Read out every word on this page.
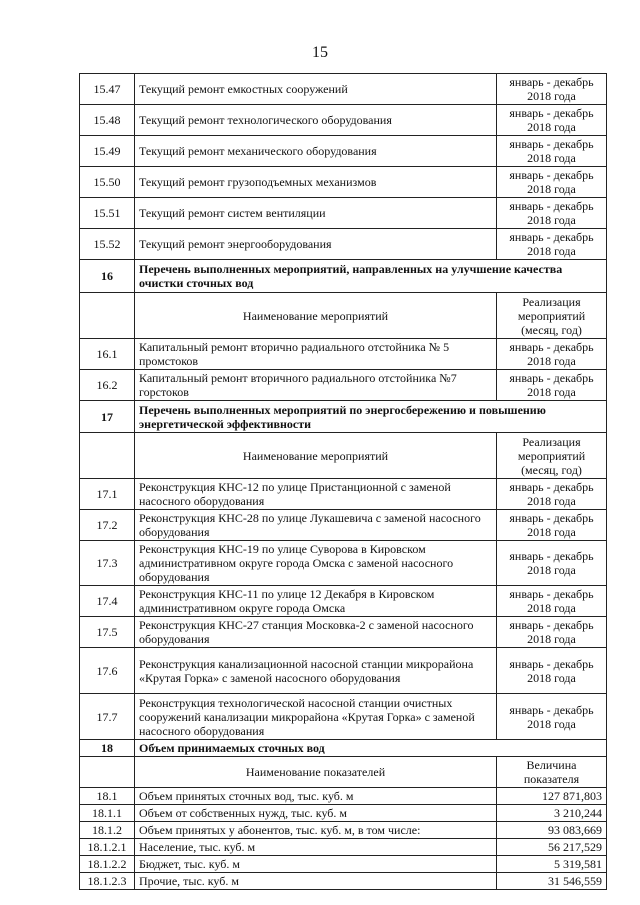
15
15.47	Текущий ремонт емкостных сооружений	январь - декабрь 2018 года
15.48	Текущий ремонт технологического оборудования	январь - декабрь 2018 года
15.49	Текущий ремонт механического оборудования	январь - декабрь 2018 года
15.50	Текущий ремонт грузоподъемных механизмов	январь - декабрь 2018 года
15.51	Текущий ремонт систем вентиляции	январь - декабрь 2018 года
15.52	Текущий ремонт энергооборудования	январь - декабрь 2018 года
16	Перечень выполненных мероприятий, направленных на улучшение качества очистки сточных вод	
	Наименование мероприятий	Реализация мероприятий (месяц, год)
16.1	Капитальный ремонт вторично радиального отстойника № 5 промстоков	январь - декабрь 2018 года
16.2	Капитальный ремонт вторичного радиального отстойника №7 горстоков	январь - декабрь 2018 года
17	Перечень выполненных мероприятий по энергосбережению и повышению энергетической эффективности	
	Наименование мероприятий	Реализация мероприятий (месяц, год)
17.1	Реконструкция КНС-12 по улице Пристанционной с заменой насосного оборудования	январь - декабрь 2018 года
17.2	Реконструкция КНС-28 по улице Лукашевича с заменой насосного оборудования	январь - декабрь 2018 года
17.3	Реконструкция КНС-19 по улице Суворова в Кировском административном округе города Омска с заменой насосного оборудования	январь - декабрь 2018 года
17.4	Реконструкция КНС-11 по улице 12 Декабря в Кировском административном округе города Омска	январь - декабрь 2018 года
17.5	Реконструкция КНС-27 станция Московка-2 с заменой насосного оборудования	январь - декабрь 2018 года
17.6	Реконструкция канализационной насосной станции микрорайона «Крутая Горка» с заменой насосного оборудования	январь - декабрь 2018 года
17.7	Реконструкция технологической насосной станции очистных сооружений канализации микрорайона «Крутая Горка» с заменой насосного оборудования	январь - декабрь 2018 года
18	Объем принимаемых сточных вод	
	Наименование показателей	Величина показателя
18.1	Объем принятых сточных вод, тыс. куб. м	127 871,803
18.1.1	Объем от собственных нужд, тыс. куб. м	3 210,244
18.1.2	Объем принятых у абонентов, тыс. куб. м, в том числе:	93 083,669
18.1.2.1	Население, тыс. куб. м	56 217,529
18.1.2.2	Бюджет, тыс. куб. м	5 319,581
18.1.2.3	Прочие, тыс. куб. м	31 546,559
